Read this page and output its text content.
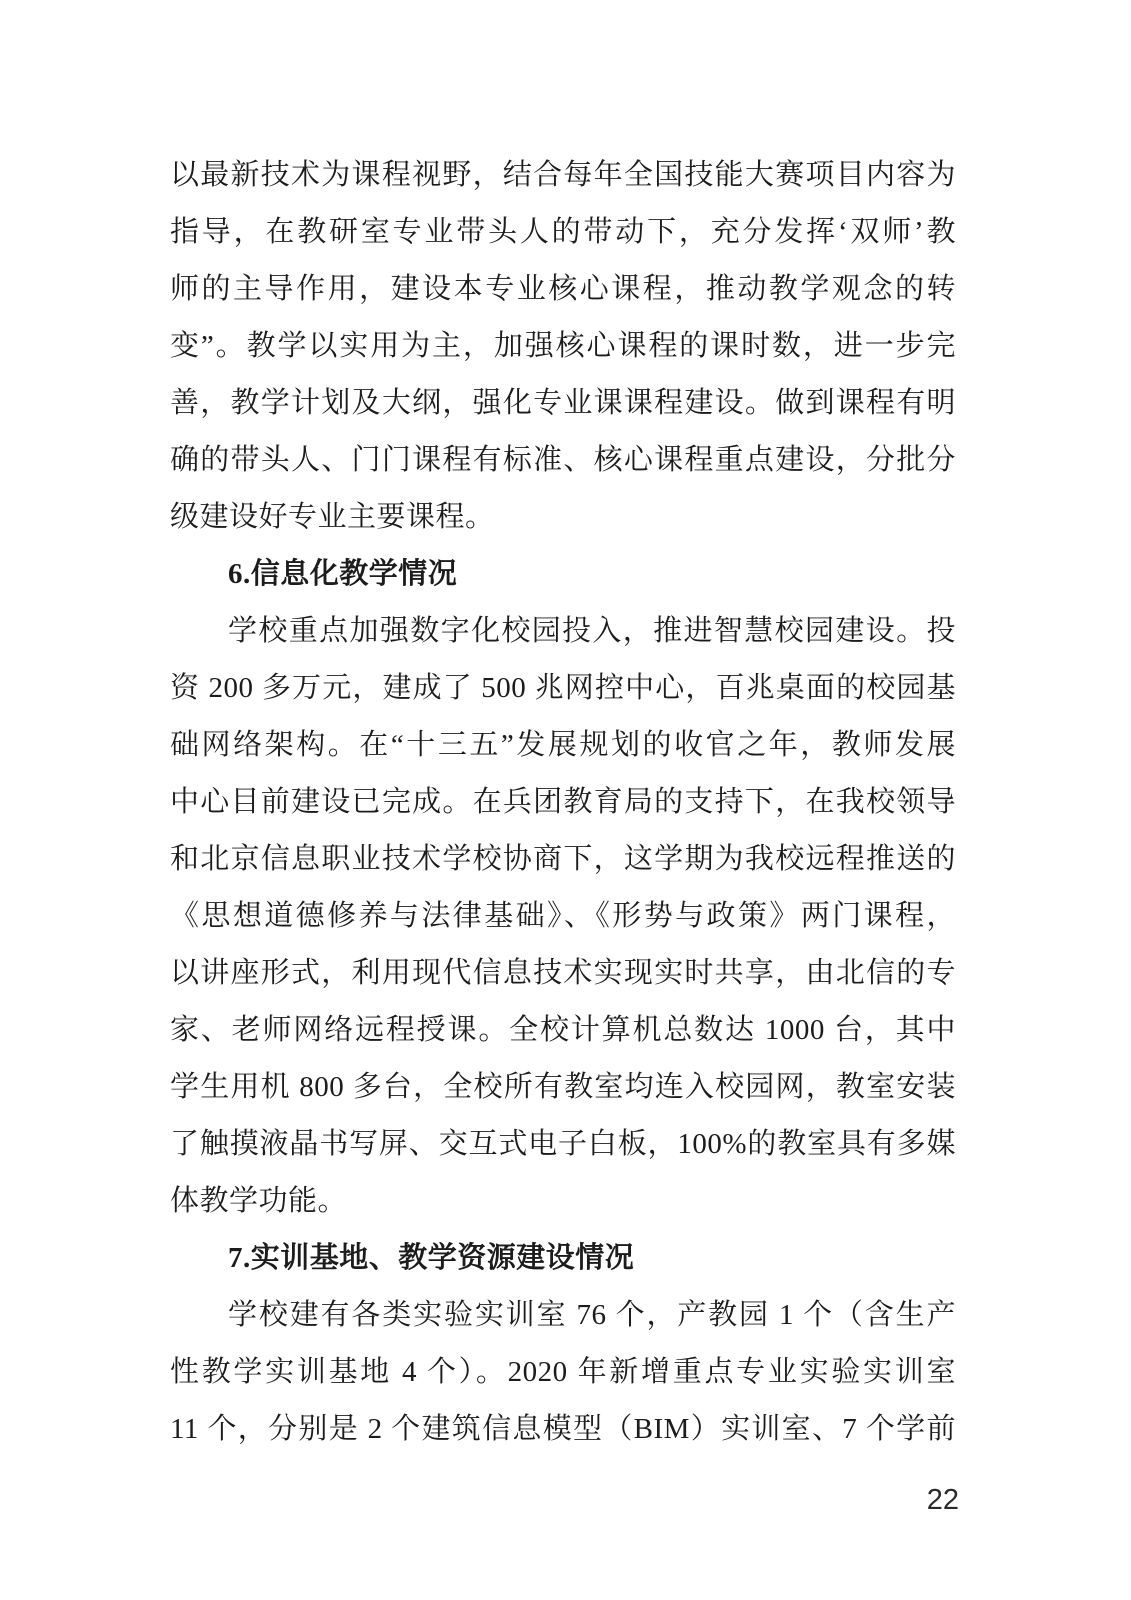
以最新技术为课程视野，结合每年全国技能大赛项目内容为
指导，在教研室专业带头人的带动下，充分发挥‘双师’教
师的主导作用，建设本专业核心课程，推动教学观念的转
变”。教学以实用为主，加强核心课程的课时数，进一步完
善，教学计划及大纲，强化专业课课程建设。做到课程有明
确的带头人、门门课程有标准、核心课程重点建设，分批分
级建设好专业主要课程。
6.信息化教学情况
学校重点加强数字化校园投入，推进智慧校园建设。投
资 200 多万元，建成了 500 兆网控中心，百兆桌面的校园基
础网络架构。在“十三五”发展规划的收官之年，教师发展
中心目前建设已完成。在兵团教育局的支持下，在我校领导
和北京信息职业技术学校协商下，这学期为我校远程推送的
《思想道德修养与法律基础》、《形势与政策》两门课程，
以讲座形式，利用现代信息技术实现实时共享，由北信的专
家、老师网络远程授课。全校计算机总数达 1000 台，其中
学生用机 800 多台，全校所有教室均连入校园网，教室安装
了触摸液晶书写屏、交互式电子白板，100%的教室具有多媒
体教学功能。
7.实训基地、教学资源建设情况
学校建有各类实验实训室 76 个，产教园 1 个（含生产
性教学实训基地 4 个）。2020 年新增重点专业实验实训室
11 个，分别是 2 个建筑信息模型（BIM）实训室、7 个学前
22
